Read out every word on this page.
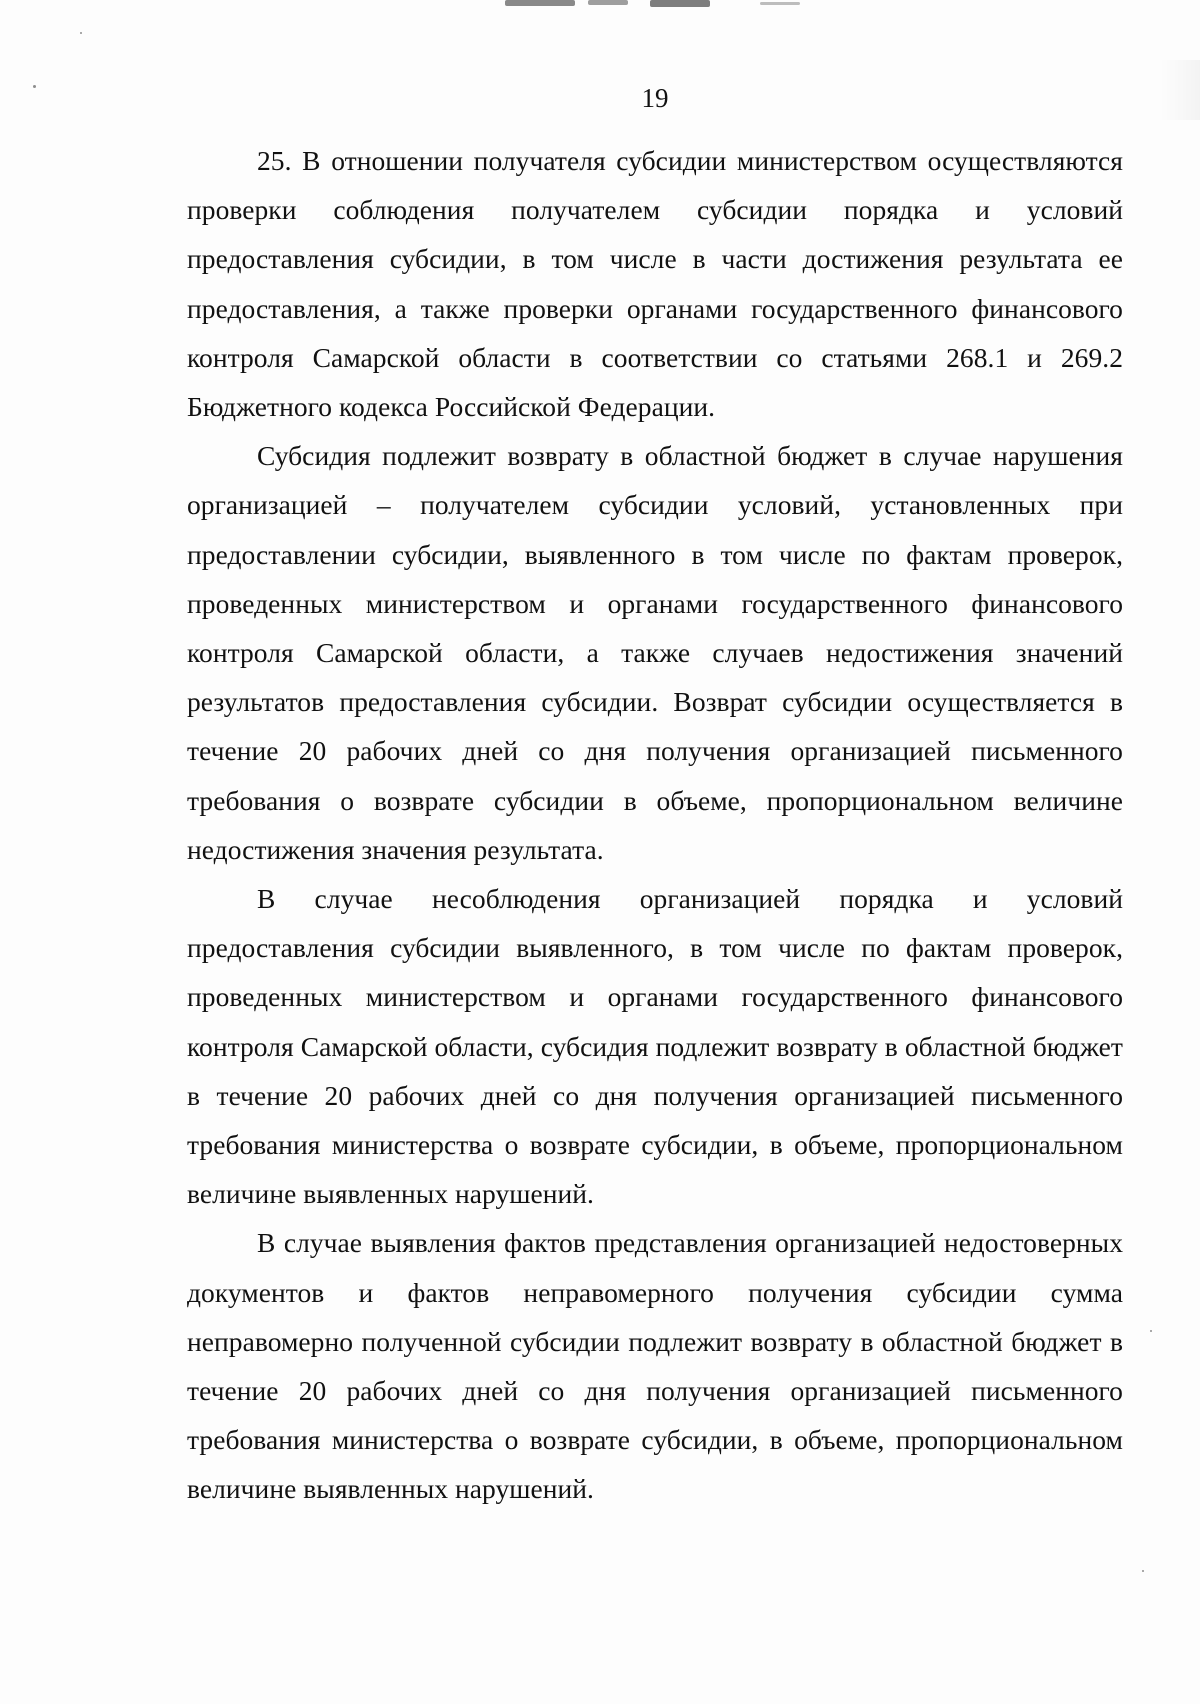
19

25. В отношении получателя субсидии министерством осуществляются проверки соблюдения получателем субсидии порядка и условий предоставления субсидии, в том числе в части достижения результата ее предоставления, а также проверки органами государственного финансового контроля Самарской области в соответствии со статьями 268.1 и 269.2 Бюджетного кодекса Российской Федерации.

Субсидия подлежит возврату в областной бюджет в случае нарушения организацией – получателем субсидии условий, установленных при предоставлении субсидии, выявленного в том числе по фактам проверок, проведенных министерством и органами государственного финансового контроля Самарской области, а также случаев недостижения значений результатов предоставления субсидии. Возврат субсидии осуществляется в течение 20 рабочих дней со дня получения организацией письменного требования о возврате субсидии в объеме, пропорциональном величине недостижения значения результата.

В случае несоблюдения организацией порядка и условий предоставления субсидии выявленного, в том числе по фактам проверок, проведенных министерством и органами государственного финансового контроля Самарской области, субсидия подлежит возврату в областной бюджет в течение 20 рабочих дней со дня получения организацией письменного требования министерства о возврате субсидии, в объеме, пропорциональном величине выявленных нарушений.

В случае выявления фактов представления организацией недостоверных документов и фактов неправомерного получения субсидии сумма неправомерно полученной субсидии подлежит возврату в областной бюджет в течение 20 рабочих дней со дня получения организацией письменного требования министерства о возврате субсидии, в объеме, пропорциональном величине выявленных нарушений.
